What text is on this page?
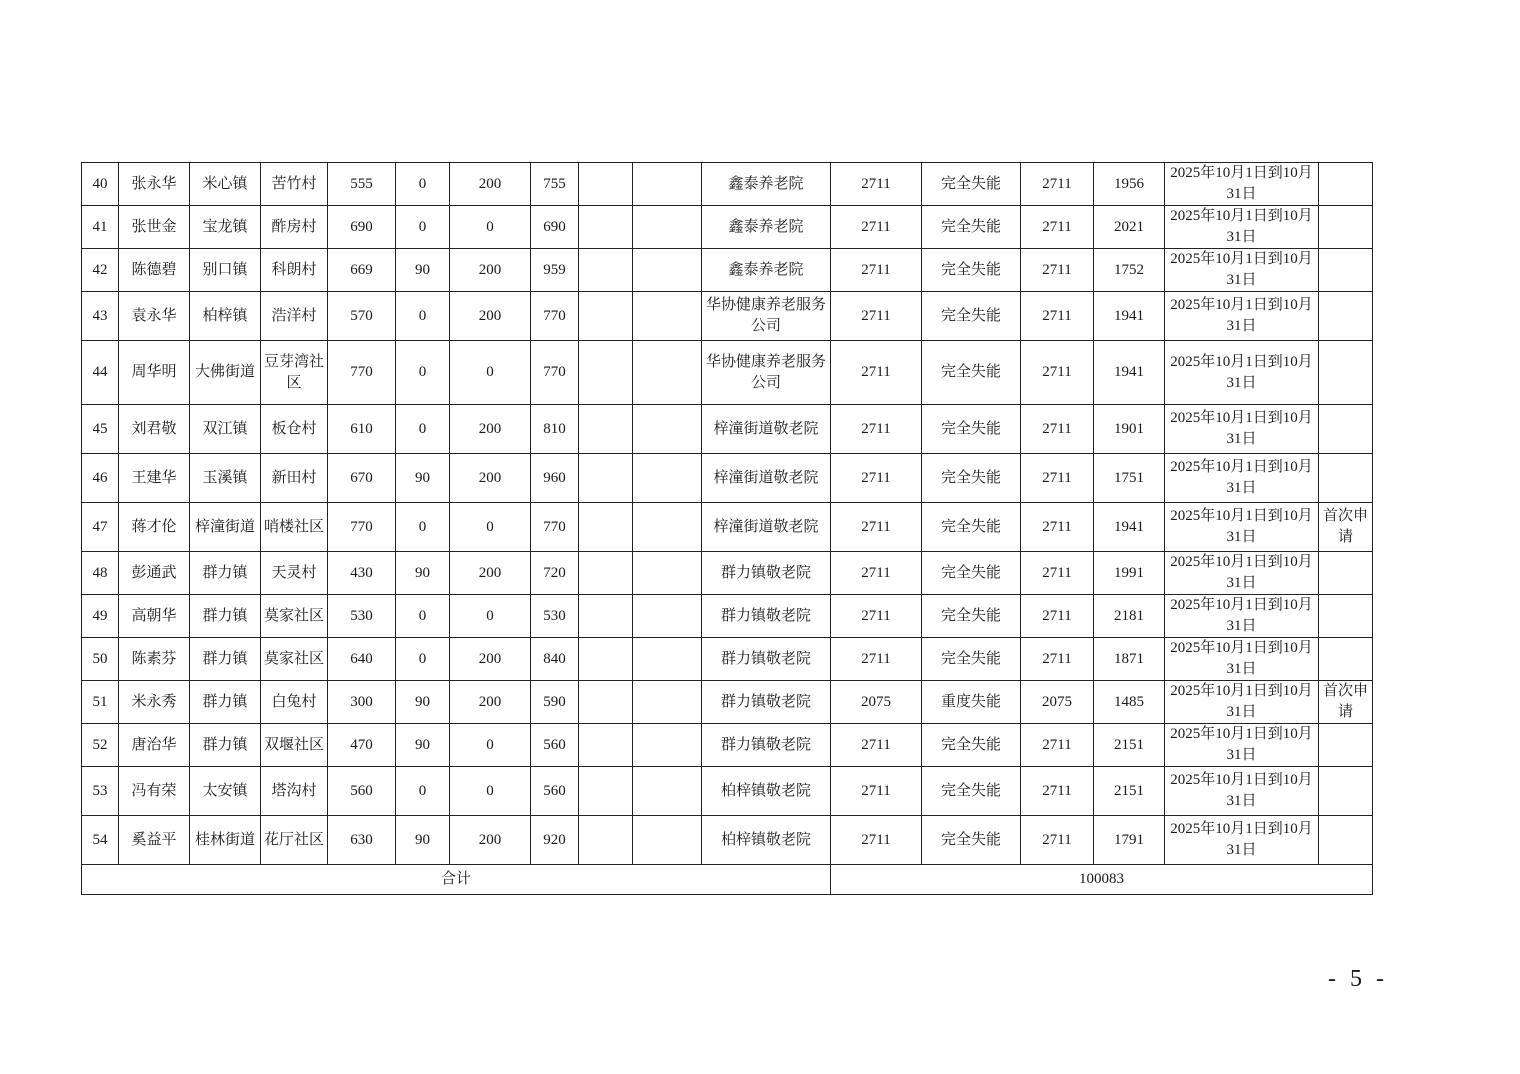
40	张永华	米心镇	苦竹村	555	0	200	755			鑫泰养老院	2711	完全失能	2711	1956	2025年10月1日到10月31日	
41	张世金	宝龙镇	酢房村	690	0	0	690			鑫泰养老院	2711	完全失能	2711	2021	2025年10月1日到10月31日	
42	陈德碧	别口镇	科朗村	669	90	200	959			鑫泰养老院	2711	完全失能	2711	1752	2025年10月1日到10月31日	
43	袁永华	柏梓镇	浩洋村	570	0	200	770			华协健康养老服务公司	2711	完全失能	2711	1941	2025年10月1日到10月31日	
44	周华明	大佛街道	豆芽湾社区	770	0	0	770			华协健康养老服务公司	2711	完全失能	2711	1941	2025年10月1日到10月31日	
45	刘君敬	双江镇	板仓村	610	0	200	810			梓潼街道敬老院	2711	完全失能	2711	1901	2025年10月1日到10月31日	
46	王建华	玉溪镇	新田村	670	90	200	960			梓潼街道敬老院	2711	完全失能	2711	1751	2025年10月1日到10月31日	
47	蒋才伦	梓潼街道	哨楼社区	770	0	0	770			梓潼街道敬老院	2711	完全失能	2711	1941	2025年10月1日到10月31日	首次申请
48	彭通武	群力镇	天灵村	430	90	200	720			群力镇敬老院	2711	完全失能	2711	1991	2025年10月1日到10月31日	
49	高朝华	群力镇	莫家社区	530	0	0	530			群力镇敬老院	2711	完全失能	2711	2181	2025年10月1日到10月31日	
50	陈素芬	群力镇	莫家社区	640	0	200	840			群力镇敬老院	2711	完全失能	2711	1871	2025年10月1日到10月31日	
51	米永秀	群力镇	白兔村	300	90	200	590			群力镇敬老院	2075	重度失能	2075	1485	2025年10月1日到10月31日	首次申请
52	唐治华	群力镇	双堰社区	470	90	0	560			群力镇敬老院	2711	完全失能	2711	2151	2025年10月1日到10月31日	
53	冯有荣	太安镇	塔沟村	560	0	0	560			柏梓镇敬老院	2711	完全失能	2711	2151	2025年10月1日到10月31日	
54	奚益平	桂林街道	花厅社区	630	90	200	920			柏梓镇敬老院	2711	完全失能	2711	1791	2025年10月1日到10月31日	
合计											100083					
- 5 -
